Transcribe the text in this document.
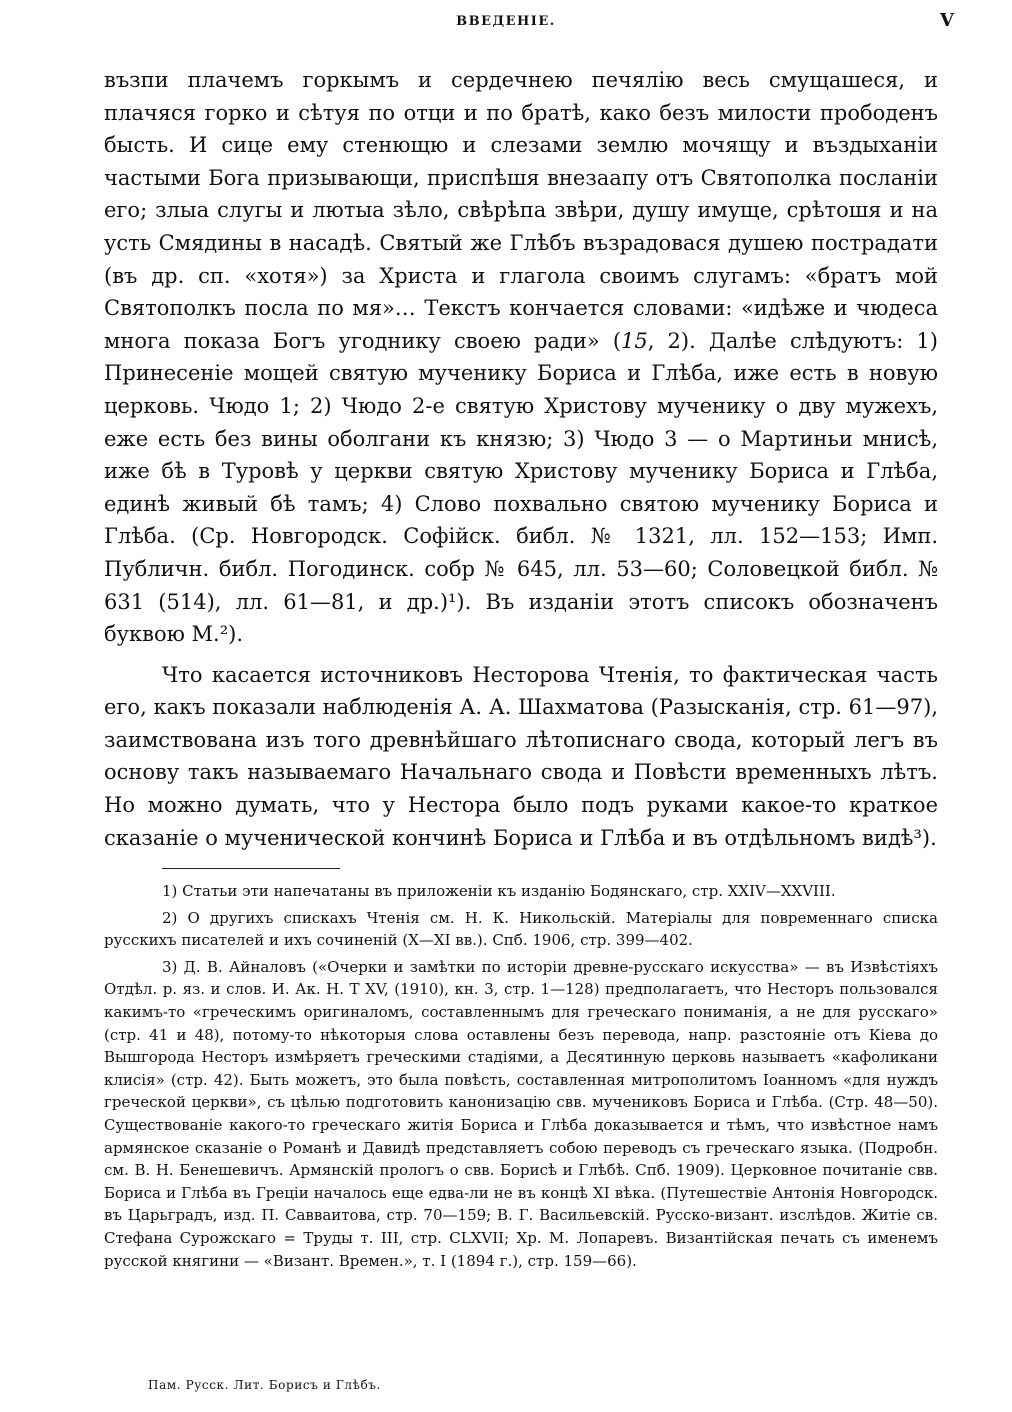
ВВЕДЕНІЕ.	V

възпи плачемъ горкымъ и сердечнею печялію весь смущашеся, и плачяся горко и сѣтуя по отци и по братѣ, како безъ милости прободенъ бысть. И сице ему стенющю и слезами землю мочящу и въздыханіи частыми Бога призывающи, приспѣшя внезаапу отъ Святополка посланіи его; злыа слугы и лютыа зѣло, свѣрѣпа звѣри, душу имуще, срѣтошя и на усть Смядины в насадѣ. Святый же Глѣбъ възрадовася душею пострадати (въ др. сп. «хотя») за Христа и глагола своимъ слугамъ: «братъ мой Святополкъ посла по мя»… Текстъ кончается словами: «идѣже и чюдеса многа показа Богъ угоднику своею ради» (15, 2). Далѣе слѣдуютъ: 1) Принесеніе мощей святую мученику Бориса и Глѣба, иже есть в новую церковь. Чюдо 1; 2) Чюдо 2-е святую Христову мученику о дву мужехъ, еже есть без вины оболгани къ князю; 3) Чюдо 3 — о Мартиньи мнисѣ, иже бѣ в Туровѣ у церкви святую Христову мученику Бориса и Глѣба, единѣ живый бѣ тамъ; 4) Слово похвально святою мученику Бориса и Глѣба. (Ср. Новгородск. Софійск. библ. № 1321, лл. 152—153; Имп. Публичн. библ. Погодинск. собр № 645, лл. 53—60; Соловецкой библ. № 631 (514), лл. 61—81, и др.)¹). Въ изданіи этотъ списокъ обозначенъ буквою М.²).

Что касается источниковъ Несторова Чтенія, то фактическая часть его, какъ показали наблюденія А. А. Шахматова (Разысканія, стр. 61—97), заимствована изъ того древнѣйшаго лѣтописнаго свода, который легъ въ основу такъ называемаго Начальнаго свода и Повѣсти временныхъ лѣтъ. Но можно думать, что у Нестора было подъ руками какое-то краткое сказаніе о мученической кончинѣ Бориса и Глѣба и въ отдѣльномъ видѣ³).

1) Статьи эти напечатаны въ приложеніи къ изданію Бодянскаго, стр. XXIV—XXVIII.

2) О другихъ спискахъ Чтенія см. Н. К. Никольскій. Матеріалы для повременнаго списка русскихъ писателей и ихъ сочиненій (X—XI вв.). Спб. 1906, стр. 399—402.

3) Д. В. Айналовъ («Очерки и замѣтки по исторіи древне-русскаго искусства» — въ Извѣстіяхъ Отдѣл. р. яз. и слов. И. Ак. Н. Т XV, (1910), кн. 3, стр. 1—128) предполагаетъ, что Несторъ пользовался какимъ-то «греческимъ оригиналомъ, составленнымъ для греческаго пониманія, а не для русскаго» (стр. 41 и 48), потому-то нѣкоторыя слова оставлены безъ перевода, напр. разстояніе отъ Кіева до Вышгорода Несторъ измѣряетъ греческими стадіями, а Десятинную церковь называетъ «кафоликани клисія» (стр. 42). Быть можетъ, это была повѣсть, составленная митрополитомъ Іоанномъ «для нуждъ греческой церкви», съ цѣлью подготовить канонизацію свв. мучениковъ Бориса и Глѣба. (Стр. 48—50). Существованіе какого-то греческаго житія Бориса и Глѣба доказывается и тѣмъ, что извѣстное намъ армянское сказаніе о Романѣ и Давидѣ представляетъ собою переводъ съ греческаго языка. (Подробн. см. В. Н. Бенешевичъ. Армянскій прологъ о свв. Борисѣ и Глѣбѣ. Спб. 1909). Церковное почитаніе свв. Бориса и Глѣба въ Греціи началось еще едва-ли не въ концѣ XI вѣка. (Путешествіе Антонія Новгородск. въ Царьградъ, изд. П. Савваитова, стр. 70—159; В. Г. Васильевскій. Русско-визант. изслѣдов. Житіе св. Стефана Сурожскаго = Труды т. III, стр. CLXVII; Хр. М. Лопаревъ. Византійская печать съ именемъ русской княгини — «Визант. Времен.», т. I (1894 г.), стр. 159—66).

Пам. Русск. Лит. Борисъ и Глѣбъ.
